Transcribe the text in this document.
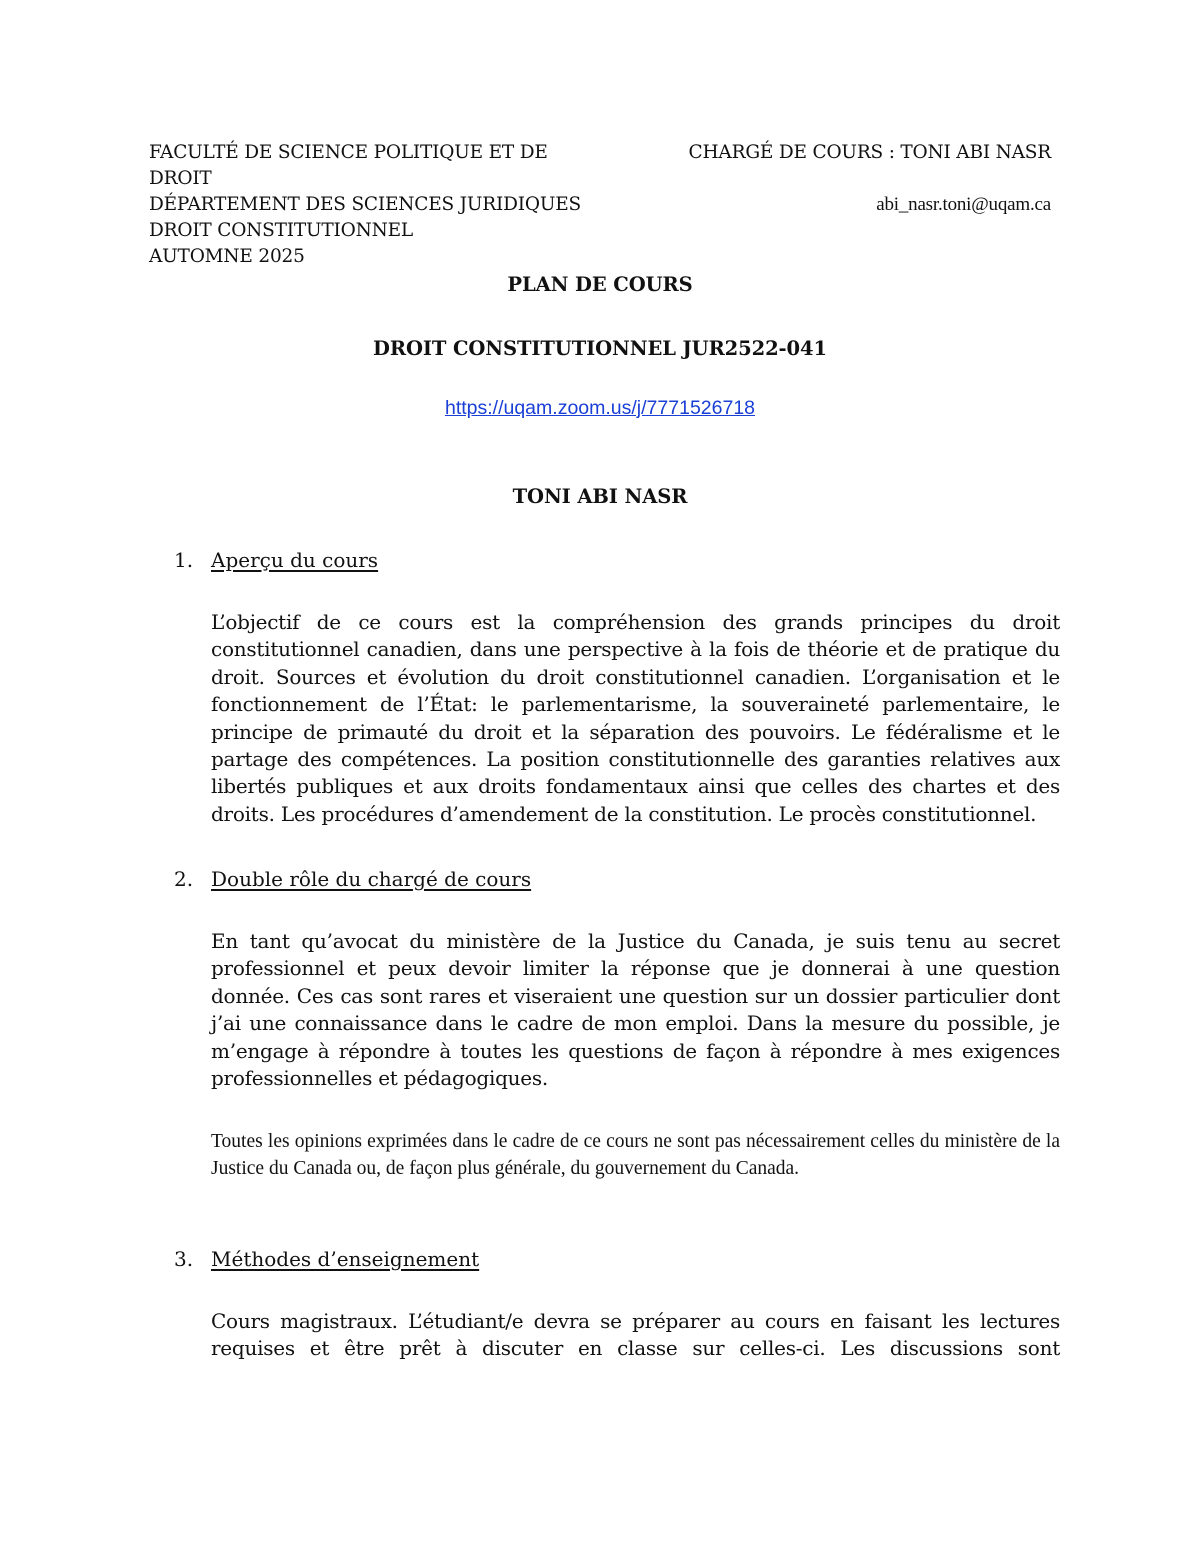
FACULTÉ DE SCIENCE POLITIQUE ET DE
DROIT
DÉPARTEMENT DES SCIENCES JURIDIQUES
DROIT CONSTITUTIONNEL
AUTOMNE 2025
CHARGÉ DE COURS : TONI ABI NASR
abi_nasr.toni@uqam.ca
PLAN DE COURS
DROIT CONSTITUTIONNEL JUR2522-041
https://uqam.zoom.us/j/7771526718
TONI ABI NASR
1. Aperçu du cours

L’objectif de ce cours est la compréhension des grands principes du droit constitutionnel canadien, dans une perspective à la fois de théorie et de pratique du droit. Sources et évolution du droit constitutionnel canadien. L’organisation et le fonctionnement de l’État: le parlementarisme, la souveraineté parlementaire, le principe de primauté du droit et la séparation des pouvoirs. Le fédéralisme et le partage des compétences. La position constitutionnelle des garanties relatives aux libertés publiques et aux droits fondamentaux ainsi que celles des chartes et des droits. Les procédures d’amendement de la constitution. Le procès constitutionnel.

2. Double rôle du chargé de cours

En tant qu’avocat du ministère de la Justice du Canada, je suis tenu au secret professionnel et peux devoir limiter la réponse que je donnerai à une question donnée. Ces cas sont rares et viseraient une question sur un dossier particulier dont j’ai une connaissance dans le cadre de mon emploi. Dans la mesure du possible, je m’engage à répondre à toutes les questions de façon à répondre à mes exigences professionnelles et pédagogiques.

Toutes les opinions exprimées dans le cadre de ce cours ne sont pas nécessairement celles du ministère de la Justice du Canada ou, de façon plus générale, du gouvernement du Canada.

3. Méthodes d’enseignement

Cours magistraux. L’étudiant/e devra se préparer au cours en faisant les lectures requises et être prêt à discuter en classe sur celles-ci. Les discussions sont
